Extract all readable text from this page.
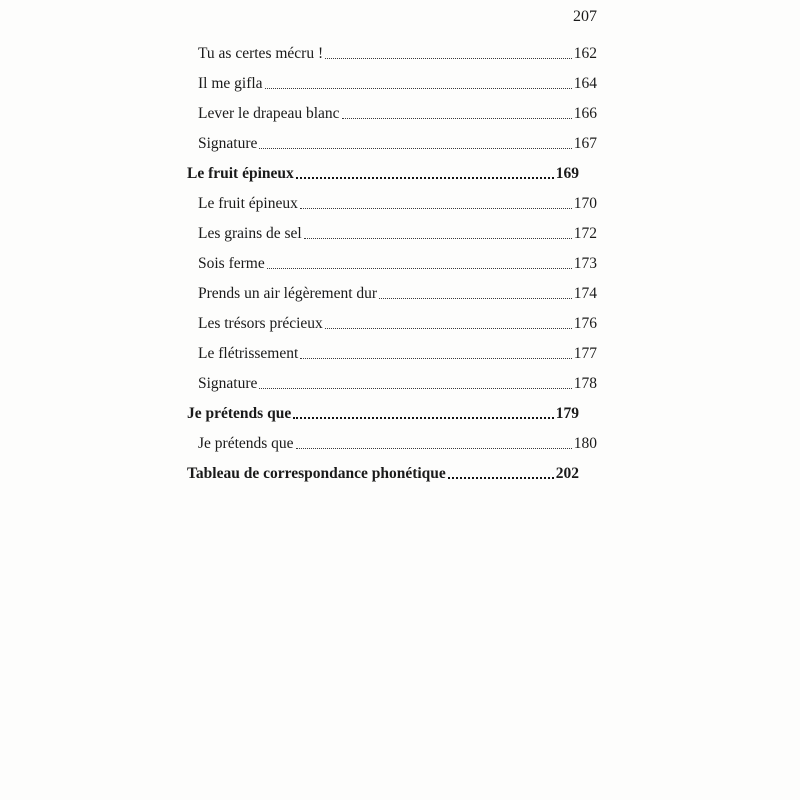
207
Tu as certes mécru !	162
Il me gifla	164
Lever le drapeau blanc	166
Signature	167
Le fruit épineux	169
Le fruit épineux	170
Les grains de sel	172
Sois ferme	173
Prends un air légèrement dur	174
Les trésors précieux	176
Le flétrissement	177
Signature	178
Je prétends que	179
Je prétends que	180
Tableau de correspondance phonétique	202
